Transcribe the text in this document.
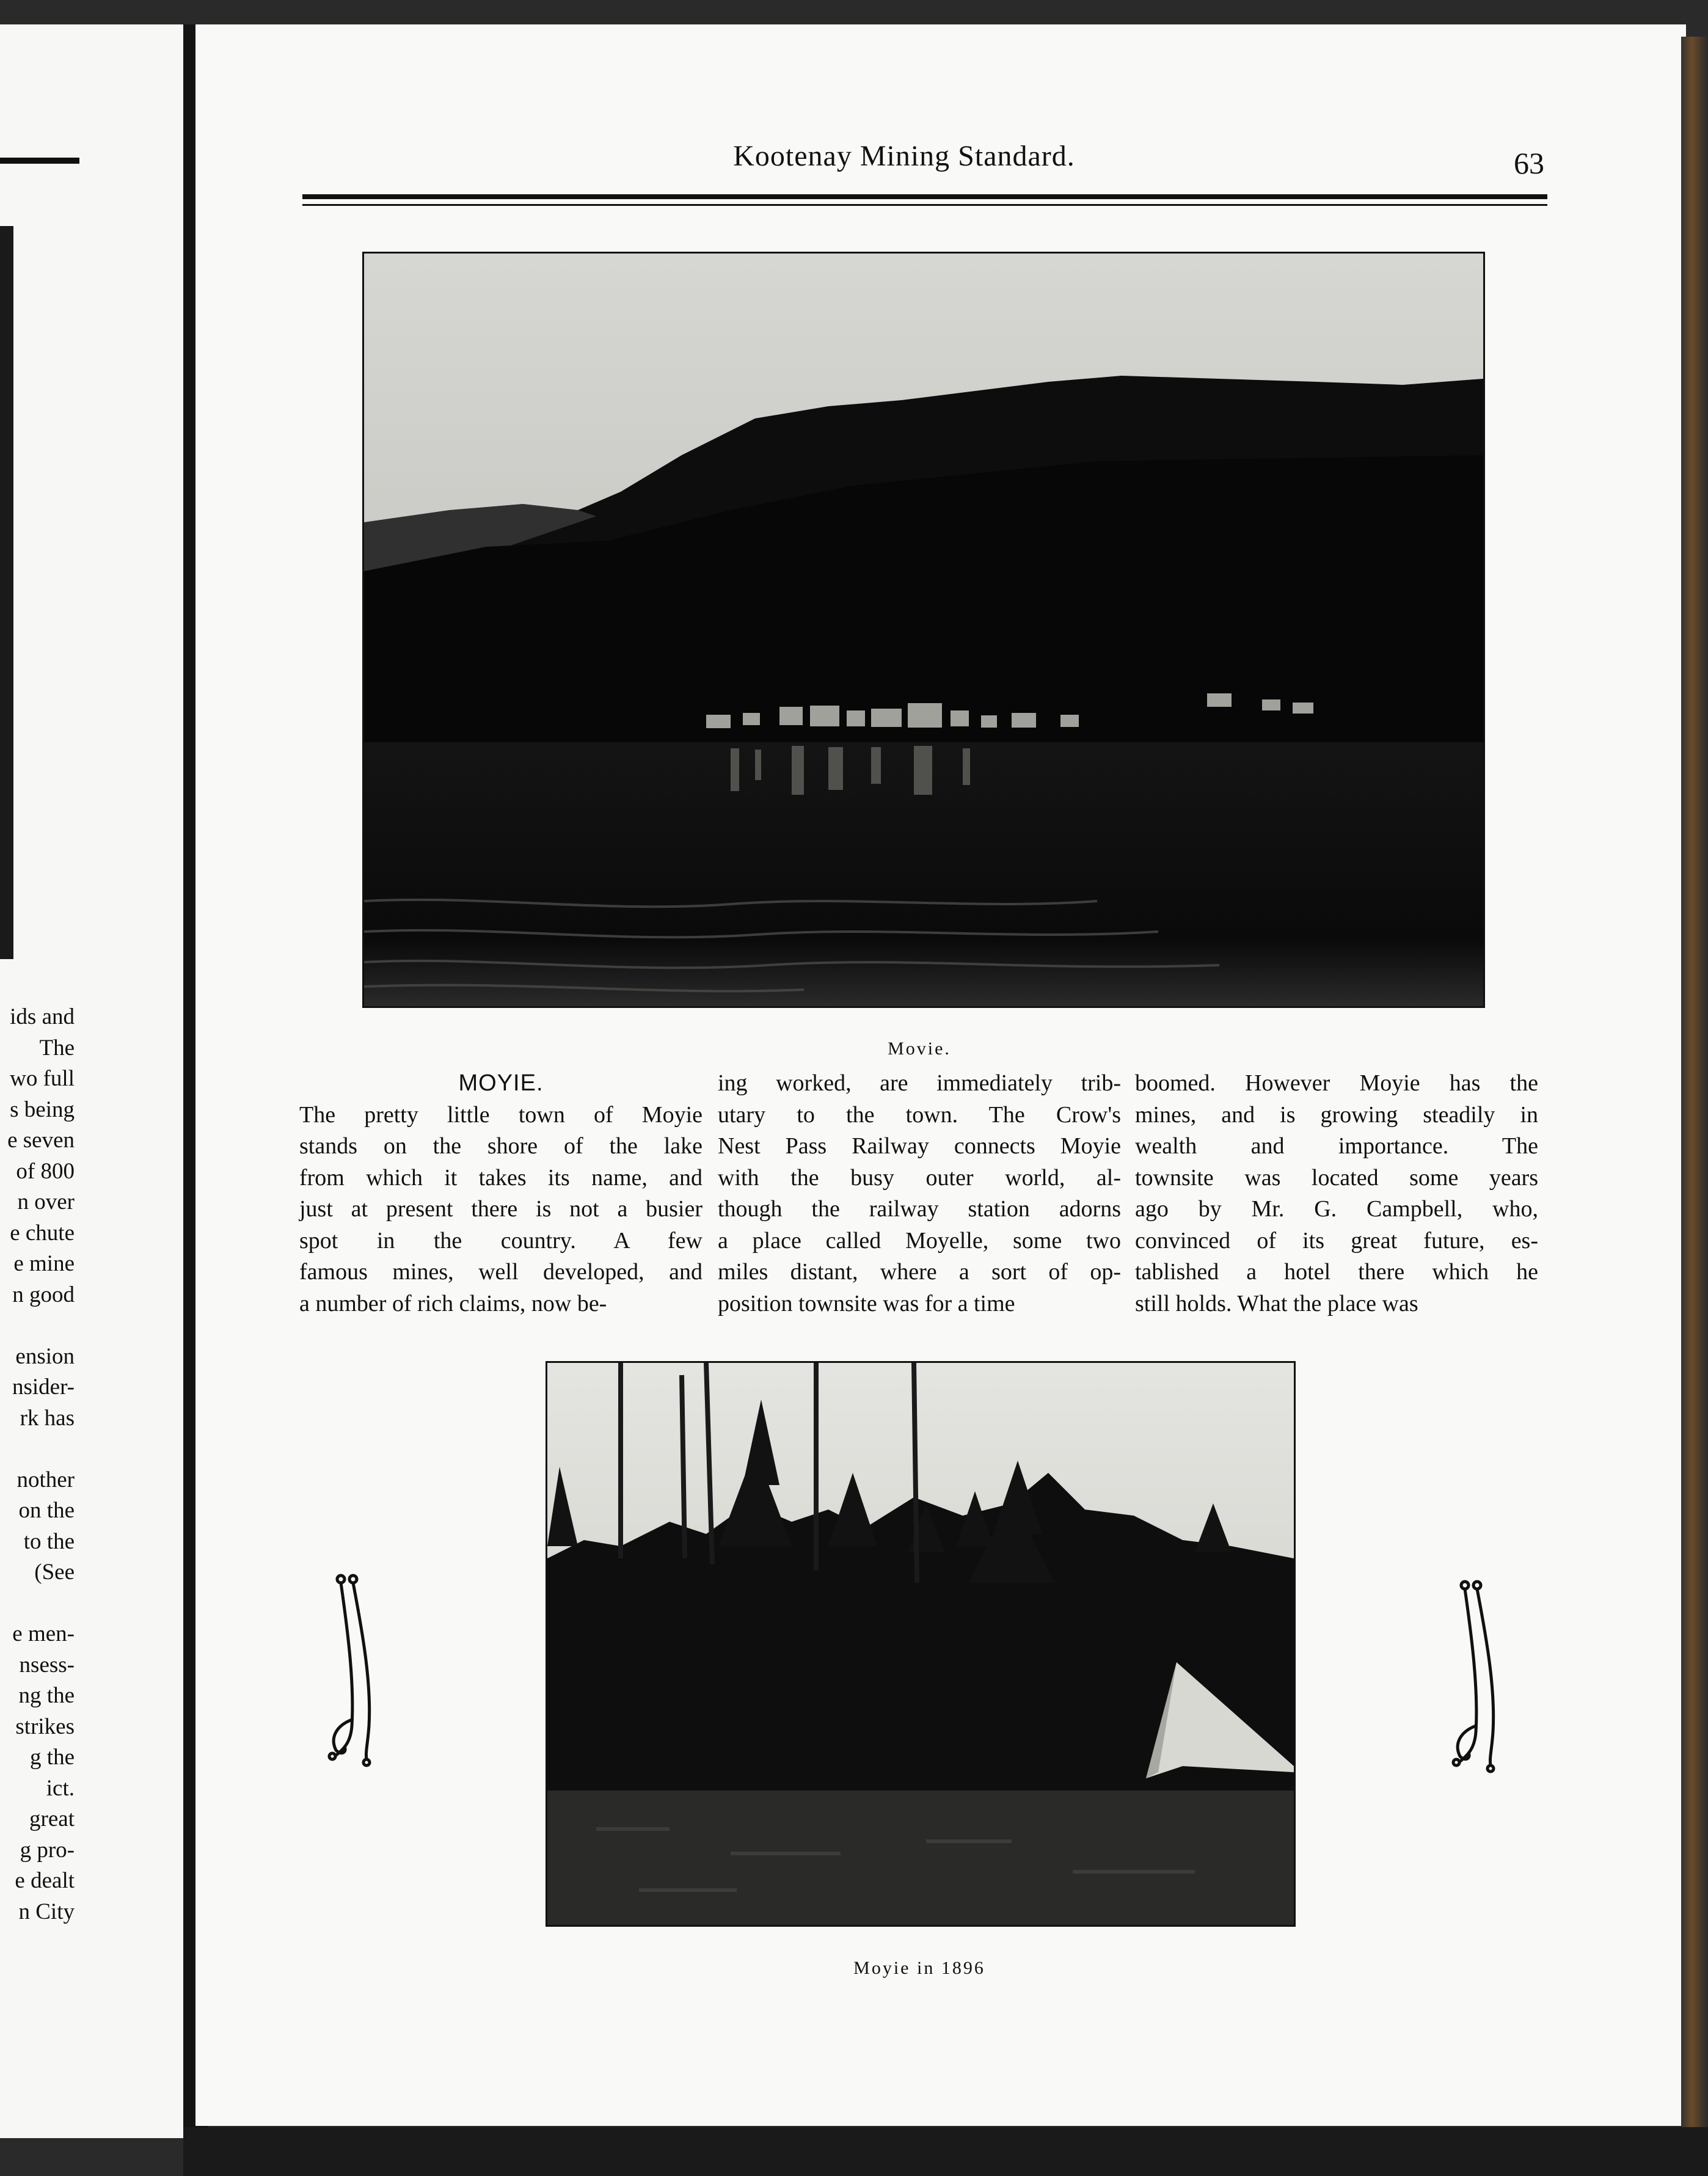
ids and
The
wo full
s being
e seven
of 800
n over
e chute
e mine
n good
ension
nsider-
rk has
nother
on the
to the
(See
e men-
nsess-
ng the
strikes
g the
ict.
great
g pro-
e dealt
n City
Kootenay Mining Standard.	63
Movie.
MOYIE.
The pretty little town of Moyie
stands on the shore of the lake
from which it takes its name, and
just at present there is not a busier
spot in the country. A few
famous mines, well developed, and
a number of rich claims, now be-
ing worked, are immediately trib-
utary to the town. The Crow's
Nest Pass Railway connects Moyie
with the busy outer world, al-
though the railway station adorns
a place called Moyelle, some two
miles distant, where a sort of op-
position townsite was for a time
boomed. However Moyie has the
mines, and is growing steadily in
wealth and importance. The
townsite was located some years
ago by Mr. G. Campbell, who,
convinced of its great future, es-
tablished a hotel there which he
still holds. What the place was
Moyie in 1896
